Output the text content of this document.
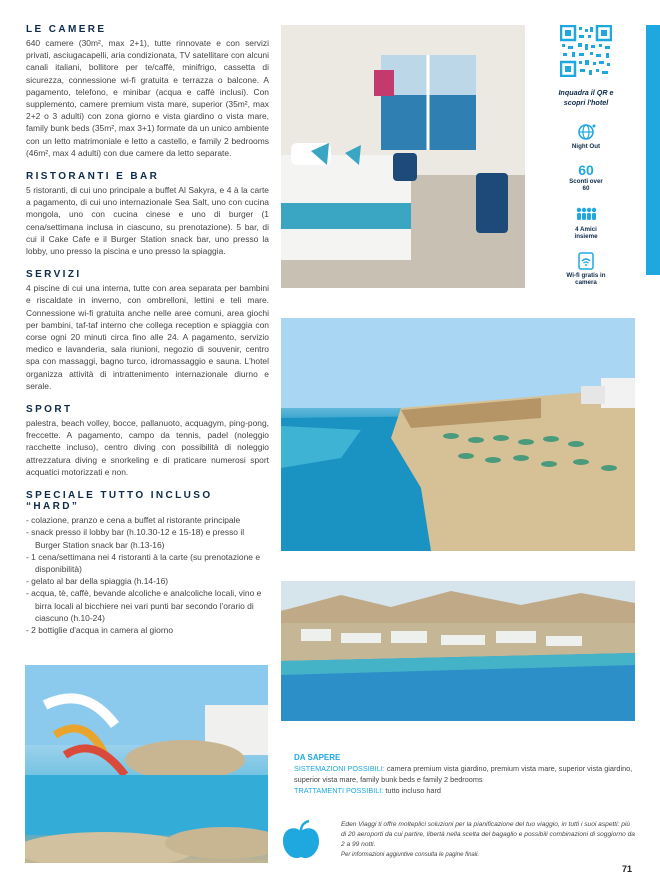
LE CAMERE

640 camere (30m², max 2+1), tutte rinnovate e con servizi privati, asciugacapelli, aria condizionata, TV satellitare con alcuni canali italiani, bollitore per te/caffè, minifrigo, cassetta di sicurezza, connessione wi-fi gratuita e terrazza o balcone. A pagamento, telefono, e minibar (acqua e caffè inclusi). Con supplemento, camere premium vista mare, superior (35m², max 2+2 o 3 adulti) con zona giorno e vista giardino o vista mare, family bunk beds (35m², max 3+1) formate da un unico ambiente con un letto matrimoniale e letto a castello, e family 2 bedrooms (46m², max 4 adulti) con due camere da letto separate.

RISTORANTI E BAR

5 ristoranti, di cui uno principale a buffet Al Sakyra, e 4 à la carte a pagamento, di cui uno internazionale Sea Salt, uno con cucina mongola, uno con cucina cinese e uno di burger (1 cena/settimana inclusa in ciascuno, su prenotazione). 5 bar, di cui il Cake Cafe e il Burger Station snack bar, uno presso la lobby, uno presso la piscina e uno presso la spiaggia.

SERVIZI

4 piscine di cui una interna, tutte con area separata per bambini e riscaldate in inverno, con ombrelloni, lettini e teli mare. Connessione wi-fi gratuita anche nelle aree comuni, area giochi per bambini, taf-taf interno che collega reception e spiaggia con corse ogni 20 minuti circa fino alle 24. A pagamento, servizio medico e lavanderia, sala riunioni, negozio di souvenir, centro spa con massaggi, bagno turco, idromassaggio e sauna. L'hotel organizza attività di intrattenimento internazionale diurno e serale.

SPORT

palestra, beach volley, bocce, pallanuoto, acquagym, ping-pong, freccette. A pagamento, campo da tennis, padel (noleggio racchette incluso), centro diving con possibilità di noleggio attrezzatura diving e snorkeling e di praticare numerosi sport acquatici motorizzati e non.

SPECIALE TUTTO INCLUSO “HARD”
- colazione, pranzo e cena a buffet al ristorante principale
- snack presso il lobby bar (h.10.30-12 e 15-18) e presso il Burger Station snack bar (h.13-16)
- 1 cena/settimana nei 4 ristoranti à la carte (su prenotazione e disponibilità)
- gelato al bar della spiaggia (h.14-16)
- acqua, tè, caffè, bevande alcoliche e analcoliche locali, vino e birra locali al bicchiere nei vari punti bar secondo l'orario di ciascuno (h.10-24)
- 2 bottiglie d'acqua in camera al giorno
Inquadra il QR e scopri l'hotel
Night Out
60
Sconti over 60
4 Amici insieme
Wi-fi gratis in camera
DA SAPERE
SISTEMAZIONI POSSIBILI: camera premium vista giardino, premium vista mare, superior vista giardino, superior vista mare, family bunk beds e family 2 bedrooms
TRATTAMENTI POSSIBILI: tutto incluso hard
Eden Viaggi ti offre molteplici soluzioni per la pianificazione del tuo viaggio, in tutti i suoi aspetti: più di 20 aeroporti da cui partire, libertà nella scelta del bagaglio e possibili combinazioni di soggiorno da 2 a 99 notti.
Per informazioni aggiuntive consulta le pagine finali.
71
